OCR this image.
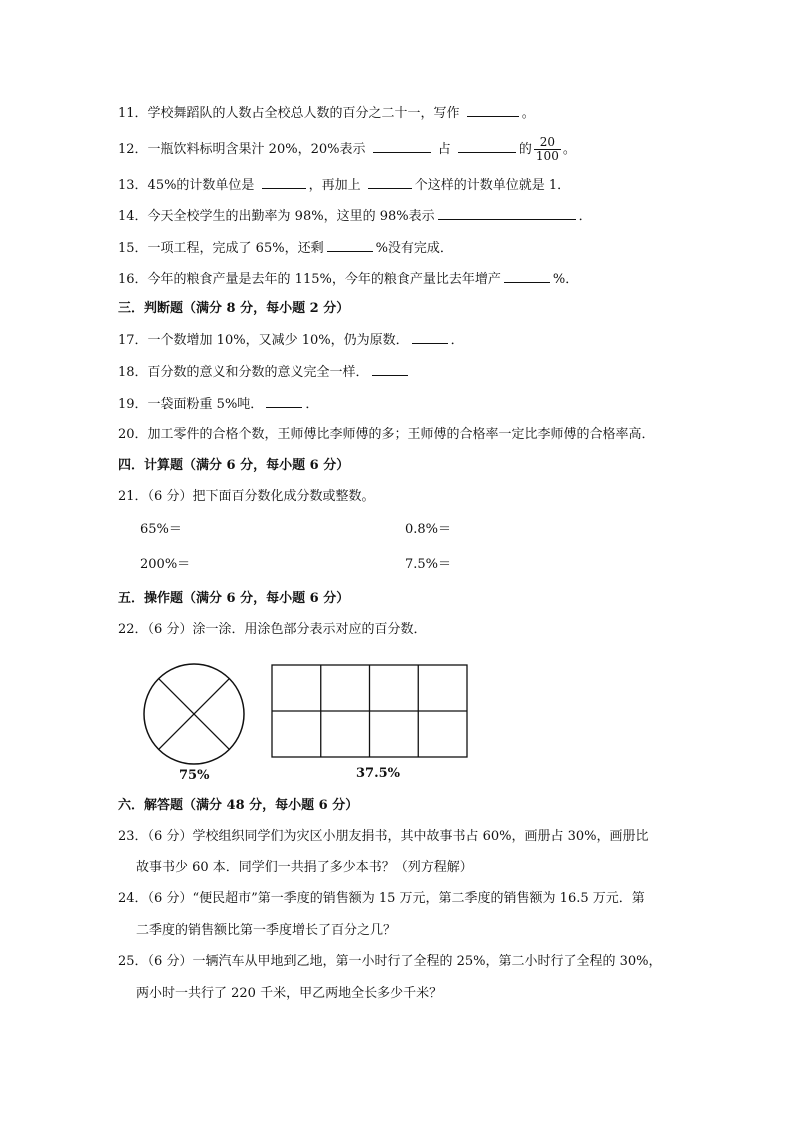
11．学校舞蹈队的人数占全校总人数的百分之二十一，写作	。
12．一瓶饮料标明含果汁 20%，20%表示	占	的 $\frac{20}{100}$ 。
13．45%的计数单位是	，再加上	个这样的计数单位就是 1．
14．今天全校学生的出勤率为 98%，这里的 98%表示	．
15．一项工程，完成了 65%，还剩	%没有完成．
16．今年的粮食产量是去年的 115%，今年的粮食产量比去年增产	%．
三．判断题（满分 8 分，每小题 2 分）
17．一个数增加 10%，又减少 10%，仍为原数．	．
18．百分数的意义和分数的意义完全一样．
19．一袋面粉重 5%吨．	．
20．加工零件的合格个数，王师傅比李师傅的多；王师傅的合格率一定比李师傅的合格率高．
四．计算题（满分 6 分，每小题 6 分）
21．（6 分）把下面百分数化成分数或整数。
65%＝	0.8%＝
200%＝	7.5%＝
五．操作题（满分 6 分，每小题 6 分）
22．（6 分）涂一涂．用涂色部分表示对应的百分数．
75%	37.5%
六．解答题（满分 48 分，每小题 6 分）
23．（6 分）学校组织同学们为灾区小朋友捐书，其中故事书占 60%，画册占 30%，画册比
故事书少 60 本．同学们一共捐了多少本书？（列方程解）
24．（6 分）“便民超市”第一季度的销售额为 15 万元，第二季度的销售额为 16.5 万元．第
二季度的销售额比第一季度增长了百分之几？
25．（6 分）一辆汽车从甲地到乙地，第一小时行了全程的 25%，第二小时行了全程的 30%，
两小时一共行了 220 千米，甲乙两地全长多少千米？
